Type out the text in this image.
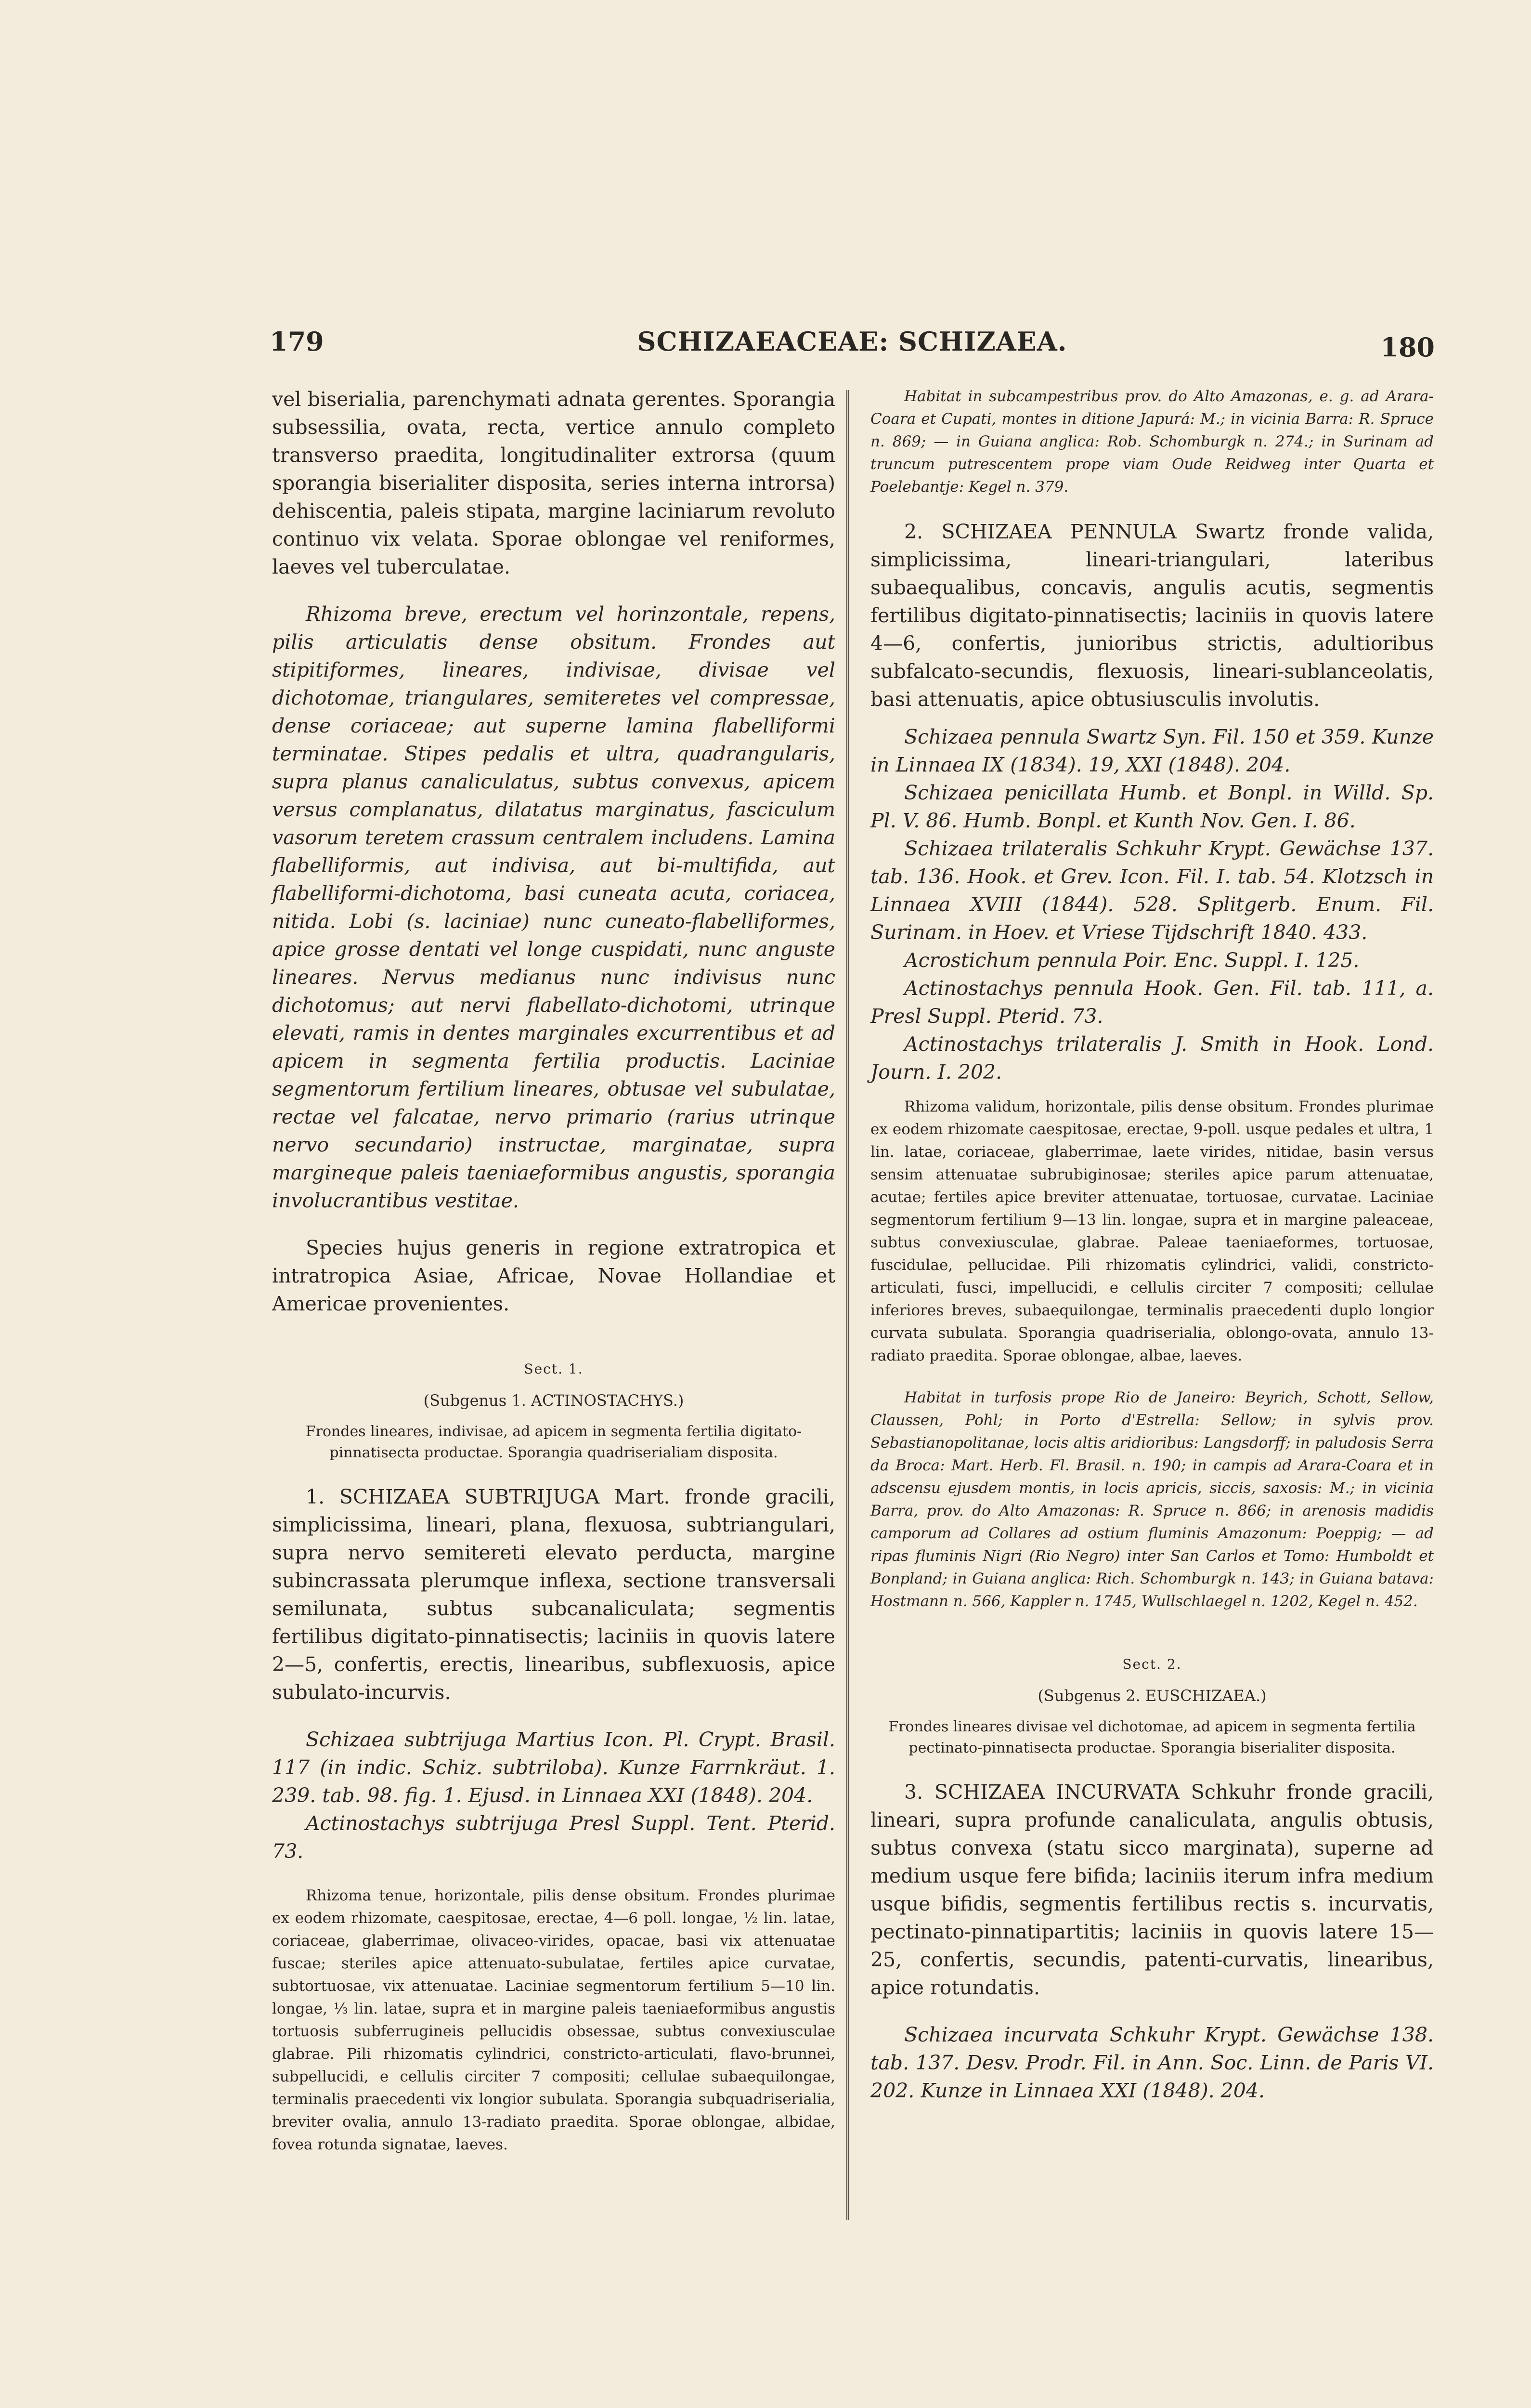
179	SCHIZAEACEAE: SCHIZAEA.	180

vel biserialia, parenchymati adnata gerentes. Sporangia subsessilia, ovata, recta, vertice annulo completo transverso praedita, longitudinaliter extrorsa (quum sporangia biserialiter disposita, series interna introrsa) dehiscentia, paleis stipata, margine laciniarum revoluto continuo vix velata. Sporae oblongae vel reniformes, laeves vel tuberculatae.

Rhizoma breve, erectum vel horinzontale, repens, pilis articulatis dense obsitum. Frondes aut stipitiformes, lineares, indivisae, divisae vel dichotomae, triangulares, semiteretes vel compressae, dense coriaceae; aut superne lamina flabelliformi terminatae. Stipes pedalis et ultra, quadrangularis, supra planus canaliculatus, subtus convexus, apicem versus complanatus, dilatatus marginatus, fasciculum vasorum teretem crassum centralem includens. Lamina flabelliformis, aut indivisa, aut bi-multifida, aut flabelliformi-dichotoma, basi cuneata acuta, coriacea, nitida. Lobi (s. laciniae) nunc cuneato-flabelliformes, apice grosse dentati vel longe cuspidati, nunc anguste lineares. Nervus medianus nunc indivisus nunc dichotomus; aut nervi flabellato-dichotomi, utrinque elevati, ramis in dentes marginales excurrentibus et ad apicem in segmenta fertilia productis. Laciniae segmentorum fertilium lineares, obtusae vel subulatae, rectae vel falcatae, nervo primario (rarius utrinque nervo secundario) instructae, marginatae, supra margineque paleis taeniaeformibus angustis, sporangia involucrantibus vestitae.

Species hujus generis in regione extratropica et intratropica Asiae, Africae, Novae Hollandiae et Americae provenientes.

Sect. 1.
(Subgenus 1. ACTINOSTACHYS.)
Frondes lineares, indivisae, ad apicem in segmenta fertilia digitato-pinnatisecta productae. Sporangia quadriserialiam disposita.

1. SCHIZAEA SUBTRIJUGA Mart. fronde gracili, simplicissima, lineari, plana, flexuosa, subtriangulari, supra nervo semitereti elevato perducta, margine subincrassata plerumque inflexa, sectione transversali semilunata, subtus subcanaliculata; segmentis fertilibus digitato-pinnatisectis; laciniis in quovis latere 2—5, confertis, erectis, linearibus, subflexuosis, apice subulato-incurvis.

Schizaea subtrijuga Martius Icon. Pl. Crypt. Brasil. 117 (in indic. Schiz. subtriloba). Kunze Farrnkräut. 1. 239. tab. 98. fig. 1. Ejusd. in Linnaea XXI (1848). 204.

Actinostachys subtrijuga Presl Suppl. Tent. Pterid. 73.

Rhizoma tenue, horizontale, pilis dense obsitum. Frondes plurimae ex eodem rhizomate, caespitosae, erectae, 4—6 poll. longae, ½ lin. latae, coriaceae, glaberrimae, olivaceo-virides, opacae, basi vix attenuatae fuscae; steriles apice attenuato-subulatae, fertiles apice curvatae, subtortuosae, vix attenuatae. Laciniae segmentorum fertilium 5—10 lin. longae, ⅓ lin. latae, supra et in margine paleis taeniaeformibus angustis tortuosis subferrugineis pellucidis obsessae, subtus convexiusculae glabrae. Pili rhizomatis cylindrici, constricto-articulati, flavo-brunnei, subpellucidi, e cellulis circiter 7 compositi; cellulae subaequilongae, terminalis praecedenti vix longior subulata. Sporangia subquadriserialia, breviter ovalia, annulo 13-radiato praedita. Sporae oblongae, albidae, fovea rotunda signatae, laeves.

Habitat in subcampestribus prov. do Alto Amazonas, e. g. ad Arara-Coara et Cupati, montes in ditione Japurá: M.; in vicinia Barra: R. Spruce n. 869; — in Guiana anglica: Rob. Schomburgk n. 274.; in Surinam ad truncum putrescentem prope viam Oude Reidweg inter Quarta et Poelebantje: Kegel n. 379.

2. SCHIZAEA PENNULA Swartz fronde valida, simplicissima, lineari-triangulari, lateribus subaequalibus, concavis, angulis acutis, segmentis fertilibus digitato-pinnatisectis; laciniis in quovis latere 4—6, confertis, junioribus strictis, adultioribus subfalcato-secundis, flexuosis, lineari-sublanceolatis, basi attenuatis, apice obtusiusculis involutis.

Schizaea pennula Swartz Syn. Fil. 150 et 359. Kunze in Linnaea IX (1834). 19, XXI (1848). 204.

Schizaea penicillata Humb. et Bonpl. in Willd. Sp. Pl. V. 86. Humb. Bonpl. et Kunth Nov. Gen. I. 86.

Schizaea trilateralis Schkuhr Krypt. Gewächse 137. tab. 136. Hook. et Grev. Icon. Fil. I. tab. 54. Klotzsch in Linnaea XVIII (1844). 528. Splitgerb. Enum. Fil. Surinam. in Hoev. et Vriese Tijdschrift 1840. 433.

Acrostichum pennula Poir. Enc. Suppl. I. 125.

Actinostachys pennula Hook. Gen. Fil. tab. 111, a. Presl Suppl. Pterid. 73.

Actinostachys trilateralis J. Smith in Hook. Lond. Journ. I. 202.

Rhizoma validum, horizontale, pilis dense obsitum. Frondes plurimae ex eodem rhizomate caespitosae, erectae, 9-poll. usque pedales et ultra, 1 lin. latae, coriaceae, glaberrimae, laete virides, nitidae, basin versus sensim attenuatae subrubiginosae; steriles apice parum attenuatae, acutae; fertiles apice breviter attenuatae, tortuosae, curvatae. Laciniae segmentorum fertilium 9—13 lin. longae, supra et in margine paleaceae, subtus convexiusculae, glabrae. Paleae taeniaeformes, tortuosae, fuscidulae, pellucidae. Pili rhizomatis cylindrici, validi, constricto-articulati, fusci, impellucidi, e cellulis circiter 7 compositi; cellulae inferiores breves, subaequilongae, terminalis praecedenti duplo longior curvata subulata. Sporangia quadriserialia, oblongo-ovata, annulo 13-radiato praedita. Sporae oblongae, albae, laeves.

Habitat in turfosis prope Rio de Janeiro: Beyrich, Schott, Sellow, Claussen, Pohl; in Porto d'Estrella: Sellow; in sylvis prov. Sebastianopolitanae, locis altis aridioribus: Langsdorff; in paludosis Serra da Broca: Mart. Herb. Fl. Brasil. n. 190; in campis ad Arara-Coara et in adscensu ejusdem montis, in locis apricis, siccis, saxosis: M.; in vicinia Barra, prov. do Alto Amazonas: R. Spruce n. 866; in arenosis madidis camporum ad Collares ad ostium fluminis Amazonum: Poeppig; — ad ripas fluminis Nigri (Rio Negro) inter San Carlos et Tomo: Humboldt et Bonpland; in Guiana anglica: Rich. Schomburgk n. 143; in Guiana batava: Hostmann n. 566, Kappler n. 1745, Wullschlaegel n. 1202, Kegel n. 452.

Sect. 2.
(Subgenus 2. EUSCHIZAEA.)
Frondes lineares divisae vel dichotomae, ad apicem in segmenta fertilia pectinato-pinnatisecta productae. Sporangia biserialiter disposita.

3. SCHIZAEA INCURVATA Schkuhr fronde gracili, lineari, supra profunde canaliculata, angulis obtusis, subtus convexa (statu sicco marginata), superne ad medium usque fere bifida; laciniis iterum infra medium usque bifidis, segmentis fertilibus rectis s. incurvatis, pectinato-pinnatipartitis; laciniis in quovis latere 15—25, confertis, secundis, patenti-curvatis, linearibus, apice rotundatis.

Schizaea incurvata Schkuhr Krypt. Gewächse 138. tab. 137. Desv. Prodr. Fil. in Ann. Soc. Linn. de Paris VI. 202. Kunze in Linnaea XXI (1848). 204.
